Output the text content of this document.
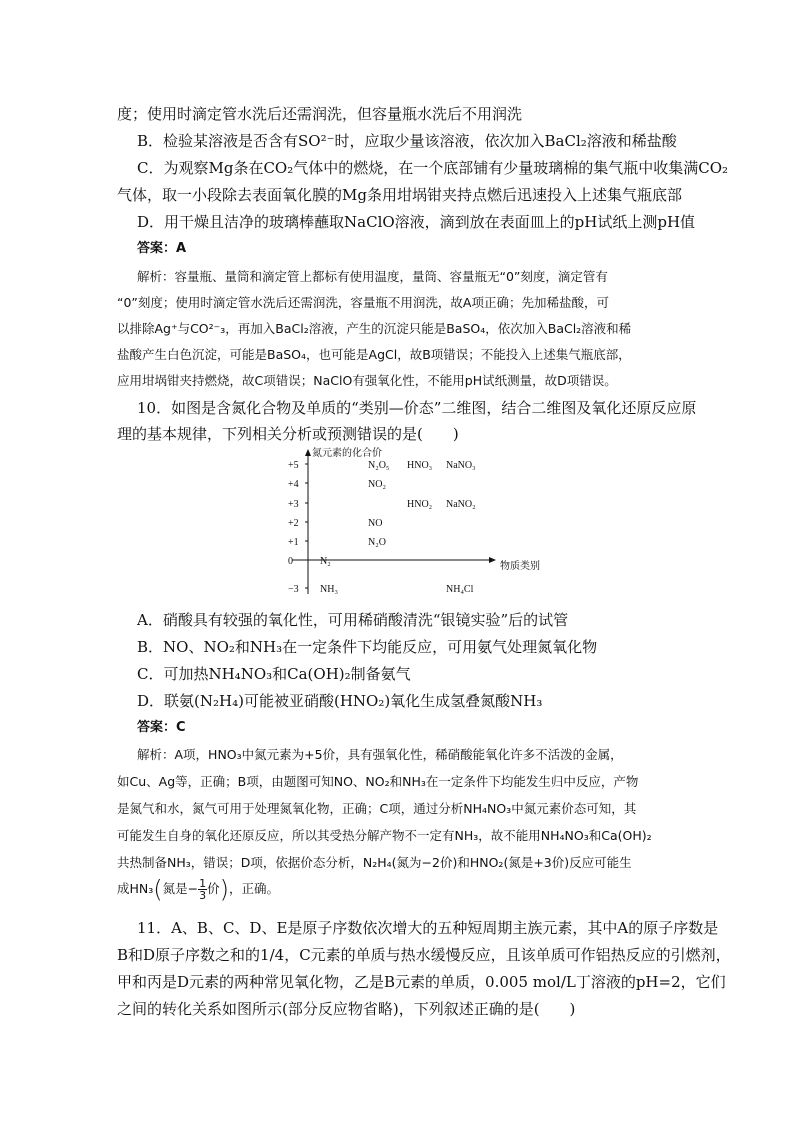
度；使用时滴定管水洗后还需润洗，但容量瓶水洗后不用润洗
B．检验某溶液是否含有SO²⁻时，应取少量该溶液，依次加入BaCl₂溶液和稀盐酸
C．为观察Mg条在CO₂气体中的燃烧，在一个底部铺有少量玻璃棉的集气瓶中收集满CO₂
气体，取一小段除去表面氧化膜的Mg条用坩埚钳夹持点燃后迅速投入上述集气瓶底部
D．用干燥且洁净的玻璃棒蘸取NaClO溶液，滴到放在表面皿上的pH试纸上测pH值
答案：A
解析：容量瓶、量筒和滴定管上都标有使用温度，量筒、容量瓶无“0”刻度，滴定管有
“0”刻度；使用时滴定管水洗后还需润洗，容量瓶不用润洗，故A项正确；先加稀盐酸，可
以排除Ag⁺与CO²⁻₃，再加入BaCl₂溶液，产生的沉淀只能是BaSO₄，依次加入BaCl₂溶液和稀
盐酸产生白色沉淀，可能是BaSO₄，也可能是AgCl，故B项错误；不能投入上述集气瓶底部，
应用坩埚钳夹持燃烧，故C项错误；NaClO有强氧化性，不能用pH试纸测量，故D项错误。
10．如图是含氮化合物及单质的“类别—价态”二维图，结合二维图及氧化还原反应原
理的基本规律，下列相关分析或预测错误的是(　　)
氮元素的化合价
物质类别
+5
+4
+3
+2
+1
0
−3
N₂O₅ HNO₃ NaNO₃
NO₂
HNO₂ NaNO₂
NO
N₂O
N₂
NH₃	NH₄Cl
A．硝酸具有较强的氧化性，可用稀硝酸清洗“银镜实验”后的试管
B．NO、NO₂和NH₃在一定条件下均能反应，可用氨气处理氮氧化物
C．可加热NH₄NO₃和Ca(OH)₂制备氨气
D．联氨(N₂H₄)可能被亚硝酸(HNO₂)氧化生成氢叠氮酸NH₃
答案：C
解析：A项，HNO₃中氮元素为+5价，具有强氧化性，稀硝酸能氧化许多不活泼的金属，
如Cu、Ag等，正确；B项，由题图可知NO、NO₂和NH₃在一定条件下均能发生归中反应，产物
是氮气和水，氮气可用于处理氮氧化物，正确；C项，通过分析NH₄NO₃中氮元素价态可知，其
可能发生自身的氧化还原反应，所以其受热分解产物不一定有NH₃，故不能用NH₄NO₃和Ca(OH)₂
共热制备NH₃，错误；D项，依据价态分析，N₂H₄(氮为−2价)和HNO₂(氮是+3价)反应可能生
成HN₃(氮是− $\frac{1}{3}$ 价)，正确。
11．A、B、C、D、E是原子序数依次增大的五种短周期主族元素，其中A的原子序数是
B和D原子序数之和的1/4，C元素的单质与热水缓慢反应，且该单质可作铝热反应的引燃剂，
甲和丙是D元素的两种常见氧化物，乙是B元素的单质，0.005 mol/L丁溶液的pH=2，它们
之间的转化关系如图所示(部分反应物省略)，下列叙述正确的是(　　)
